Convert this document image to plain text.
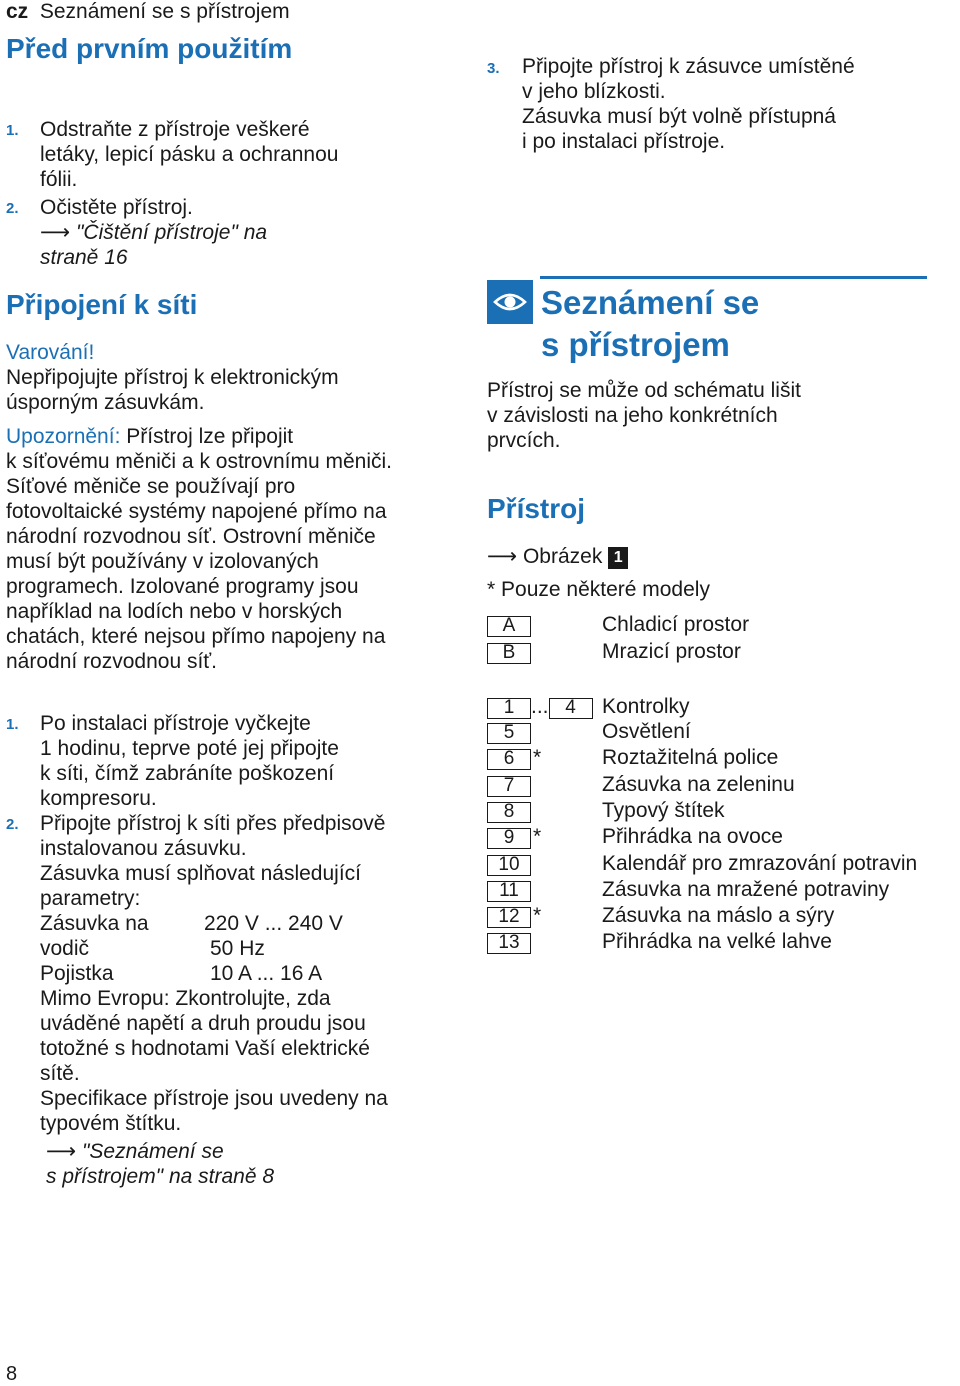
cz Seznámení se s přístrojem
Před prvním použitím
1. Odstraňte z přístroje veškeré
letáky, lepicí pásku a ochrannou
fólii.
2. Očistěte přístroj.
⟶ "Čištění přístroje" na
straně 16
Připojení k síti
Varování!
Nepřipojujte přístroj k elektronickým
úsporným zásuvkám.
Upozornění: Přístroj lze připojit
k síťovému měniči a k ostrovnímu měniči.
Síťové měniče se používají pro
fotovoltaické systémy napojené přímo na
národní rozvodnou síť. Ostrovní měniče
musí být používány v izolovaných
programech. Izolované programy jsou
například na lodích nebo v horských
chatách, které nejsou přímo napojeny na
národní rozvodnou síť.
1. Po instalaci přístroje vyčkejte
1 hodinu, teprve poté jej připojte
k síti, čímž zabráníte poškození
kompresoru.
2. Připojte přístroj k síti přes předpisově
instalovanou zásuvku.
Zásuvka musí splňovat následující
parametry:
Zásuvka na	220 V ... 240 V
vodič	50 Hz
Pojistka	10 A ... 16 A
Mimo Evropu: Zkontrolujte, zda
uváděné napětí a druh proudu jsou
totožné s hodnotami Vaší elektrické
sítě.
Specifikace přístroje jsou uvedeny na
typovém štítku.
⟶ "Seznámení se
s přístrojem" na straně 8
8
3. Připojte přístroj k zásuvce umístěné
v jeho blízkosti.
Zásuvka musí být volně přístupná
i po instalaci přístroje.
Seznámení se
s přístrojem
Přístroj se může od schématu lišit
v závislosti na jeho konkrétních
prvcích.
Přístroj
⟶ Obrázek 1
* Pouze některé modely
A	Chladicí prostor
B	Mrazicí prostor
1 ... 4	Kontrolky
5	Osvětlení
6 *	Roztažitelná police
7	Zásuvka na zeleninu
8	Typový štítek
9 *	Přihrádka na ovoce
10	Kalendář pro zmrazování potravin
11	Zásuvka na mražené potraviny
12 *	Zásuvka na máslo a sýry
13	Přihrádka na velké lahve
